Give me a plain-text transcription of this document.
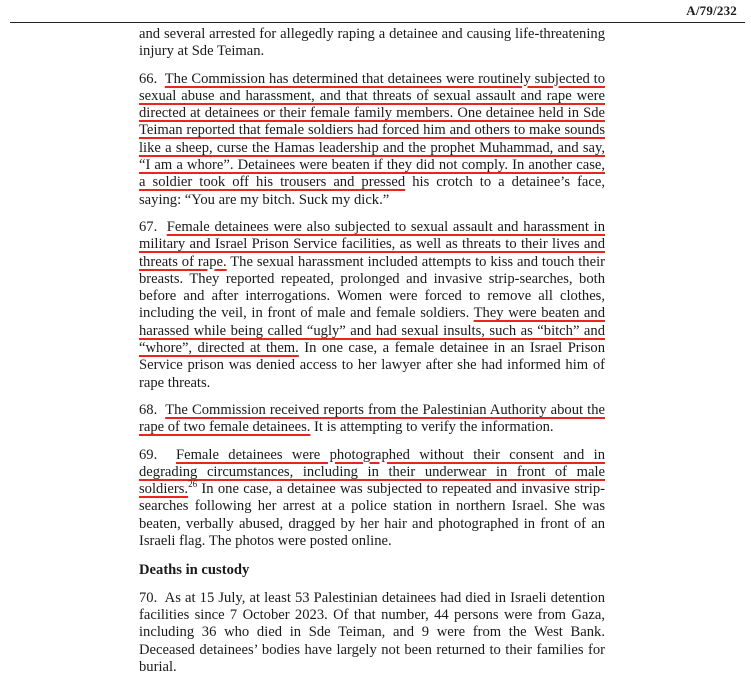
A/79/232

and several arrested for allegedly raping a detainee and causing life-threatening injury at Sde Teiman.

66. The Commission has determined that detainees were routinely subjected to sexual abuse and harassment, and that threats of sexual assault and rape were directed at detainees or their female family members. One detainee held in Sde Teiman reported that female soldiers had forced him and others to make sounds like a sheep, curse the Hamas leadership and the prophet Muhammad, and say, “I am a whore”. Detainees were beaten if they did not comply. In another case, a soldier took off his trousers and pressed his crotch to a detainee’s face, saying: “You are my bitch. Suck my dick.”

67. Female detainees were also subjected to sexual assault and harassment in military and Israel Prison Service facilities, as well as threats to their lives and threats of rape. The sexual harassment included attempts to kiss and touch their breasts. They reported repeated, prolonged and invasive strip-searches, both before and after interrogations. Women were forced to remove all clothes, including the veil, in front of male and female soldiers. They were beaten and harassed while being called “ugly” and had sexual insults, such as “bitch” and “whore”, directed at them. In one case, a female detainee in an Israel Prison Service prison was denied access to her lawyer after she had informed him of rape threats.

68. The Commission received reports from the Palestinian Authority about the rape of two female detainees. It is attempting to verify the information.

69. Female detainees were photographed without their consent and in degrading circumstances, including in their underwear in front of male soldiers.$^{26}$ In one case, a detainee was subjected to repeated and invasive strip-searches following her arrest at a police station in northern Israel. She was beaten, verbally abused, dragged by her hair and photographed in front of an Israeli flag. The photos were posted online.

Deaths in custody

70. As at 15 July, at least 53 Palestinian detainees had died in Israeli detention facilities since 7 October 2023. Of that number, 44 persons were from Gaza, including 36 who died in Sde Teiman, and 9 were from the West Bank. Deceased detainees’ bodies have largely not been returned to their families for burial.
